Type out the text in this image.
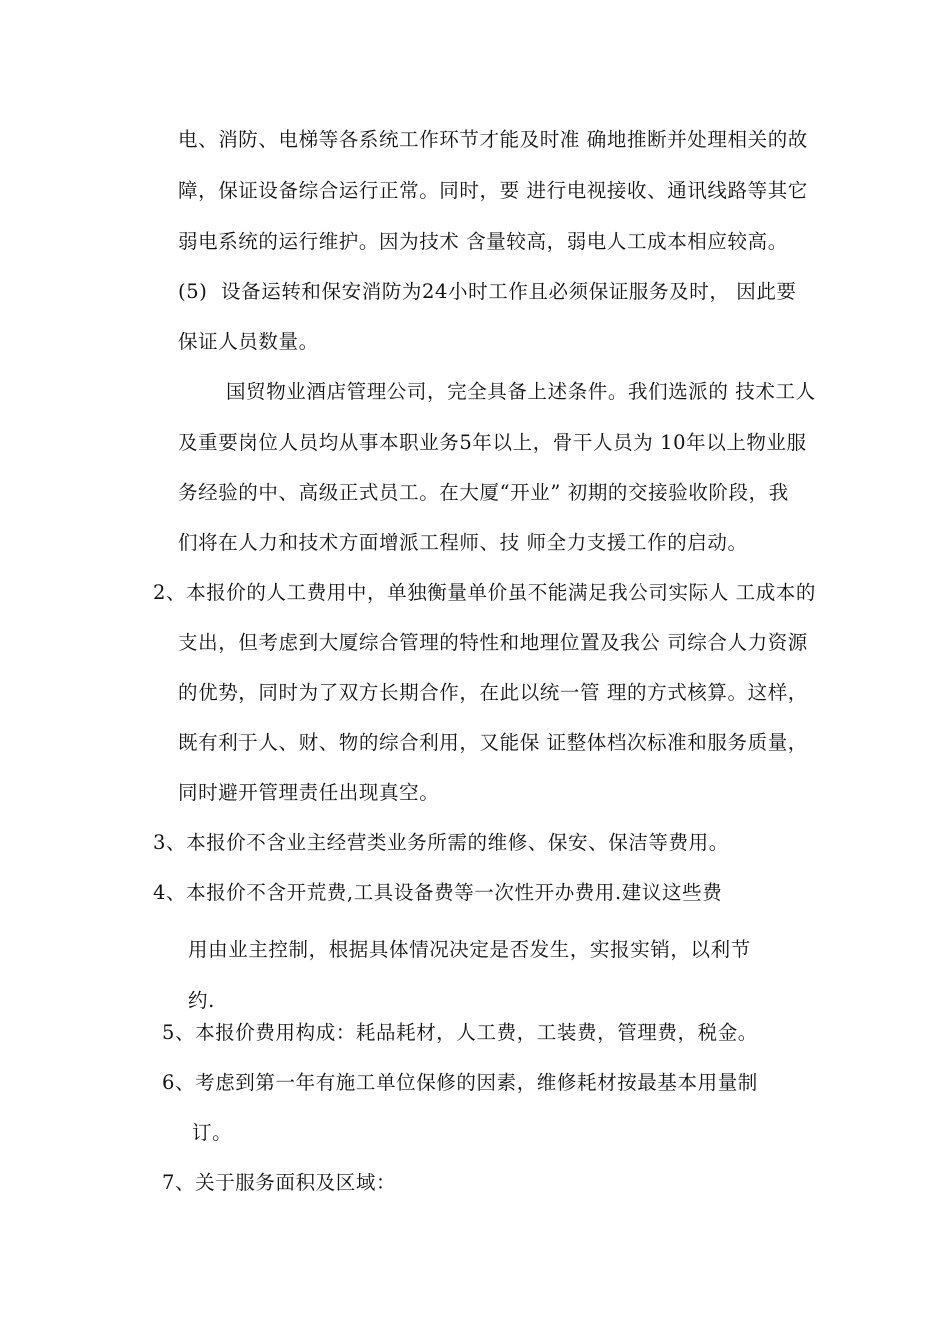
电、消防、电梯等各系统工作环节才能及时准 确地推断并处理相关的故
障，保证设备综合运行正常。同时，要 进行电视接收、通讯线路等其它
弱电系统的运行维护。因为技术 含量较高，弱电人工成本相应较高。
(5)  设备运转和保安消防为24小时工作且必须保证服务及时， 因此要
保证人员数量。
国贸物业酒店管理公司，完全具备上述条件。我们选派的 技术工人
及重要岗位人员均从事本职业务5年以上，骨干人员为 10年以上物业服
务经验的中、高级正式员工。在大厦“开业” 初期的交接验收阶段，我
们将在人力和技术方面增派工程师、技 师全力支援工作的启动。
2、本报价的人工费用中，单独衡量单价虽不能满足我公司实际人 工成本的
支出，但考虑到大厦综合管理的特性和地理位置及我公 司综合人力资源
的优势，同时为了双方长期合作，在此以统一管 理的方式核算。这样，
既有利于人、财、物的综合利用，又能保 证整体档次标准和服务质量，
同时避开管理责任出现真空。
3、本报价不含业主经营类业务所需的维修、保安、保洁等费用。
4、本报价不含开荒费,工具设备费等一次性开办费用.建议这些费
用由业主控制，根据具体情况决定是否发生，实报实销，以利节
约.
5、本报价费用构成：耗品耗材，人工费，工装费，管理费，税金。
6、考虑到第一年有施工单位保修的因素，维修耗材按最基本用量制
订。
7、关于服务面积及区域：
